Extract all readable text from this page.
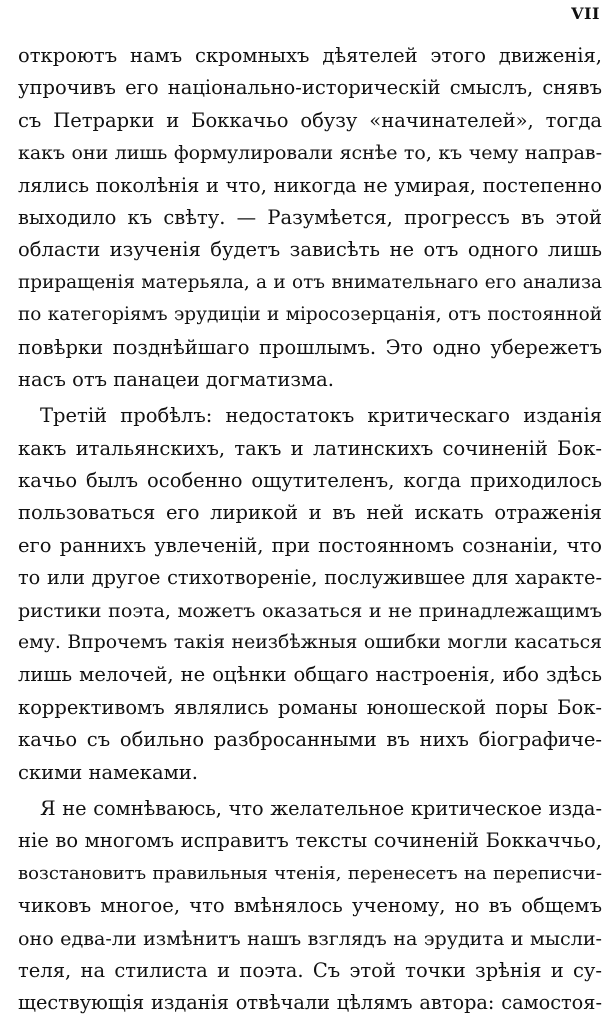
VII
откроютъ намъ скромныхъ дѣятелей этого движенія,
упрочивъ его національно-историческій смыслъ, снявъ
съ Петрарки и Боккачьо обузу «начинателей», тогда
какъ они лишь формулировали яснѣе то, къ чему направ-
лялись поколѣнія и что, никогда не умирая, постепенно
выходило къ свѣту. — Разумѣется, прогрессъ въ этой
области изученія будетъ зависѣть не отъ одного лишь
приращенія матерьяла, а и отъ внимательнаго его анализа
по категоріямъ эрудиціи и міросозерцанія, отъ постоянной
повѣрки позднѣйшаго прошлымъ. Это одно убережетъ
насъ отъ панацеи догматизма.
Третій пробѣлъ: недостатокъ критическаго изданія
какъ итальянскихъ, такъ и латинскихъ сочиненій Бок-
качьо былъ особенно ощутителенъ, когда приходилось
пользоваться его лирикой и въ ней искать отраженія
его раннихъ увлеченій, при постоянномъ сознаніи, что
то или другое стихотвореніе, послужившее для характе-
ристики поэта, можетъ оказаться и не принадлежащимъ
ему. Впрочемъ такія неизбѣжныя ошибки могли касаться
лишь мелочей, не оцѣнки общаго настроенія, ибо здѣсь
коррективомъ являлись романы юношеской поры Бок-
качьо съ обильно разбросанными въ нихъ біографиче-
скими намеками.
Я не сомнѣваюсь, что желательное критическое изда-
ніе во многомъ исправитъ тексты сочиненій Боккаччьо,
возстановитъ правильныя чтенія, перенесетъ на переписчи-
чиковъ многое, что вмѣнялось ученому, но въ общемъ
оно едва-ли измѣнитъ нашъ взглядъ на эрудита и мысли-
теля, на стилиста и поэта. Съ этой точки зрѣнія и су-
ществующія изданія отвѣчали цѣлямъ автора: самостоя-
